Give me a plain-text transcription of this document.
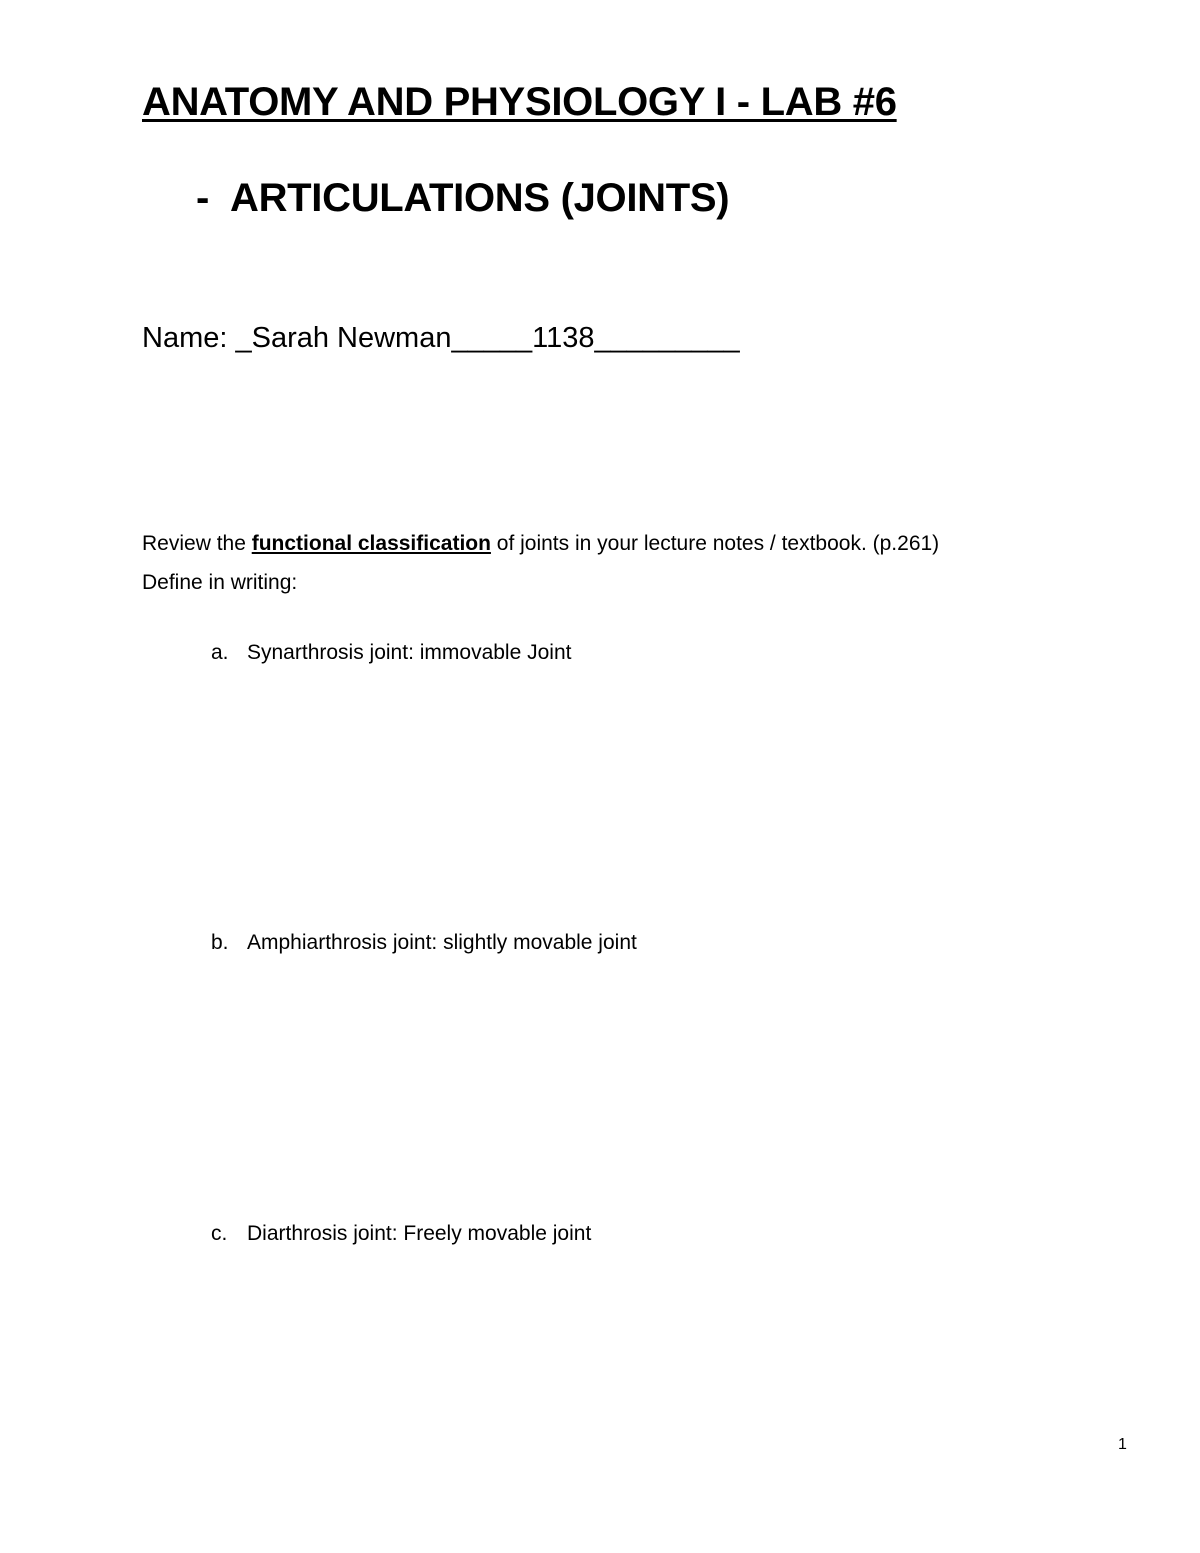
ANATOMY AND PHYSIOLOGY I - LAB #6
- ARTICULATIONS (JOINTS)
Name: _Sarah Newman_____1138_________
Review the functional classification of joints in your lecture notes / textbook. (p.261)
Define in writing:
a. Synarthrosis joint: immovable Joint
b. Amphiarthrosis joint: slightly movable joint
c. Diarthrosis joint: Freely movable joint
1
